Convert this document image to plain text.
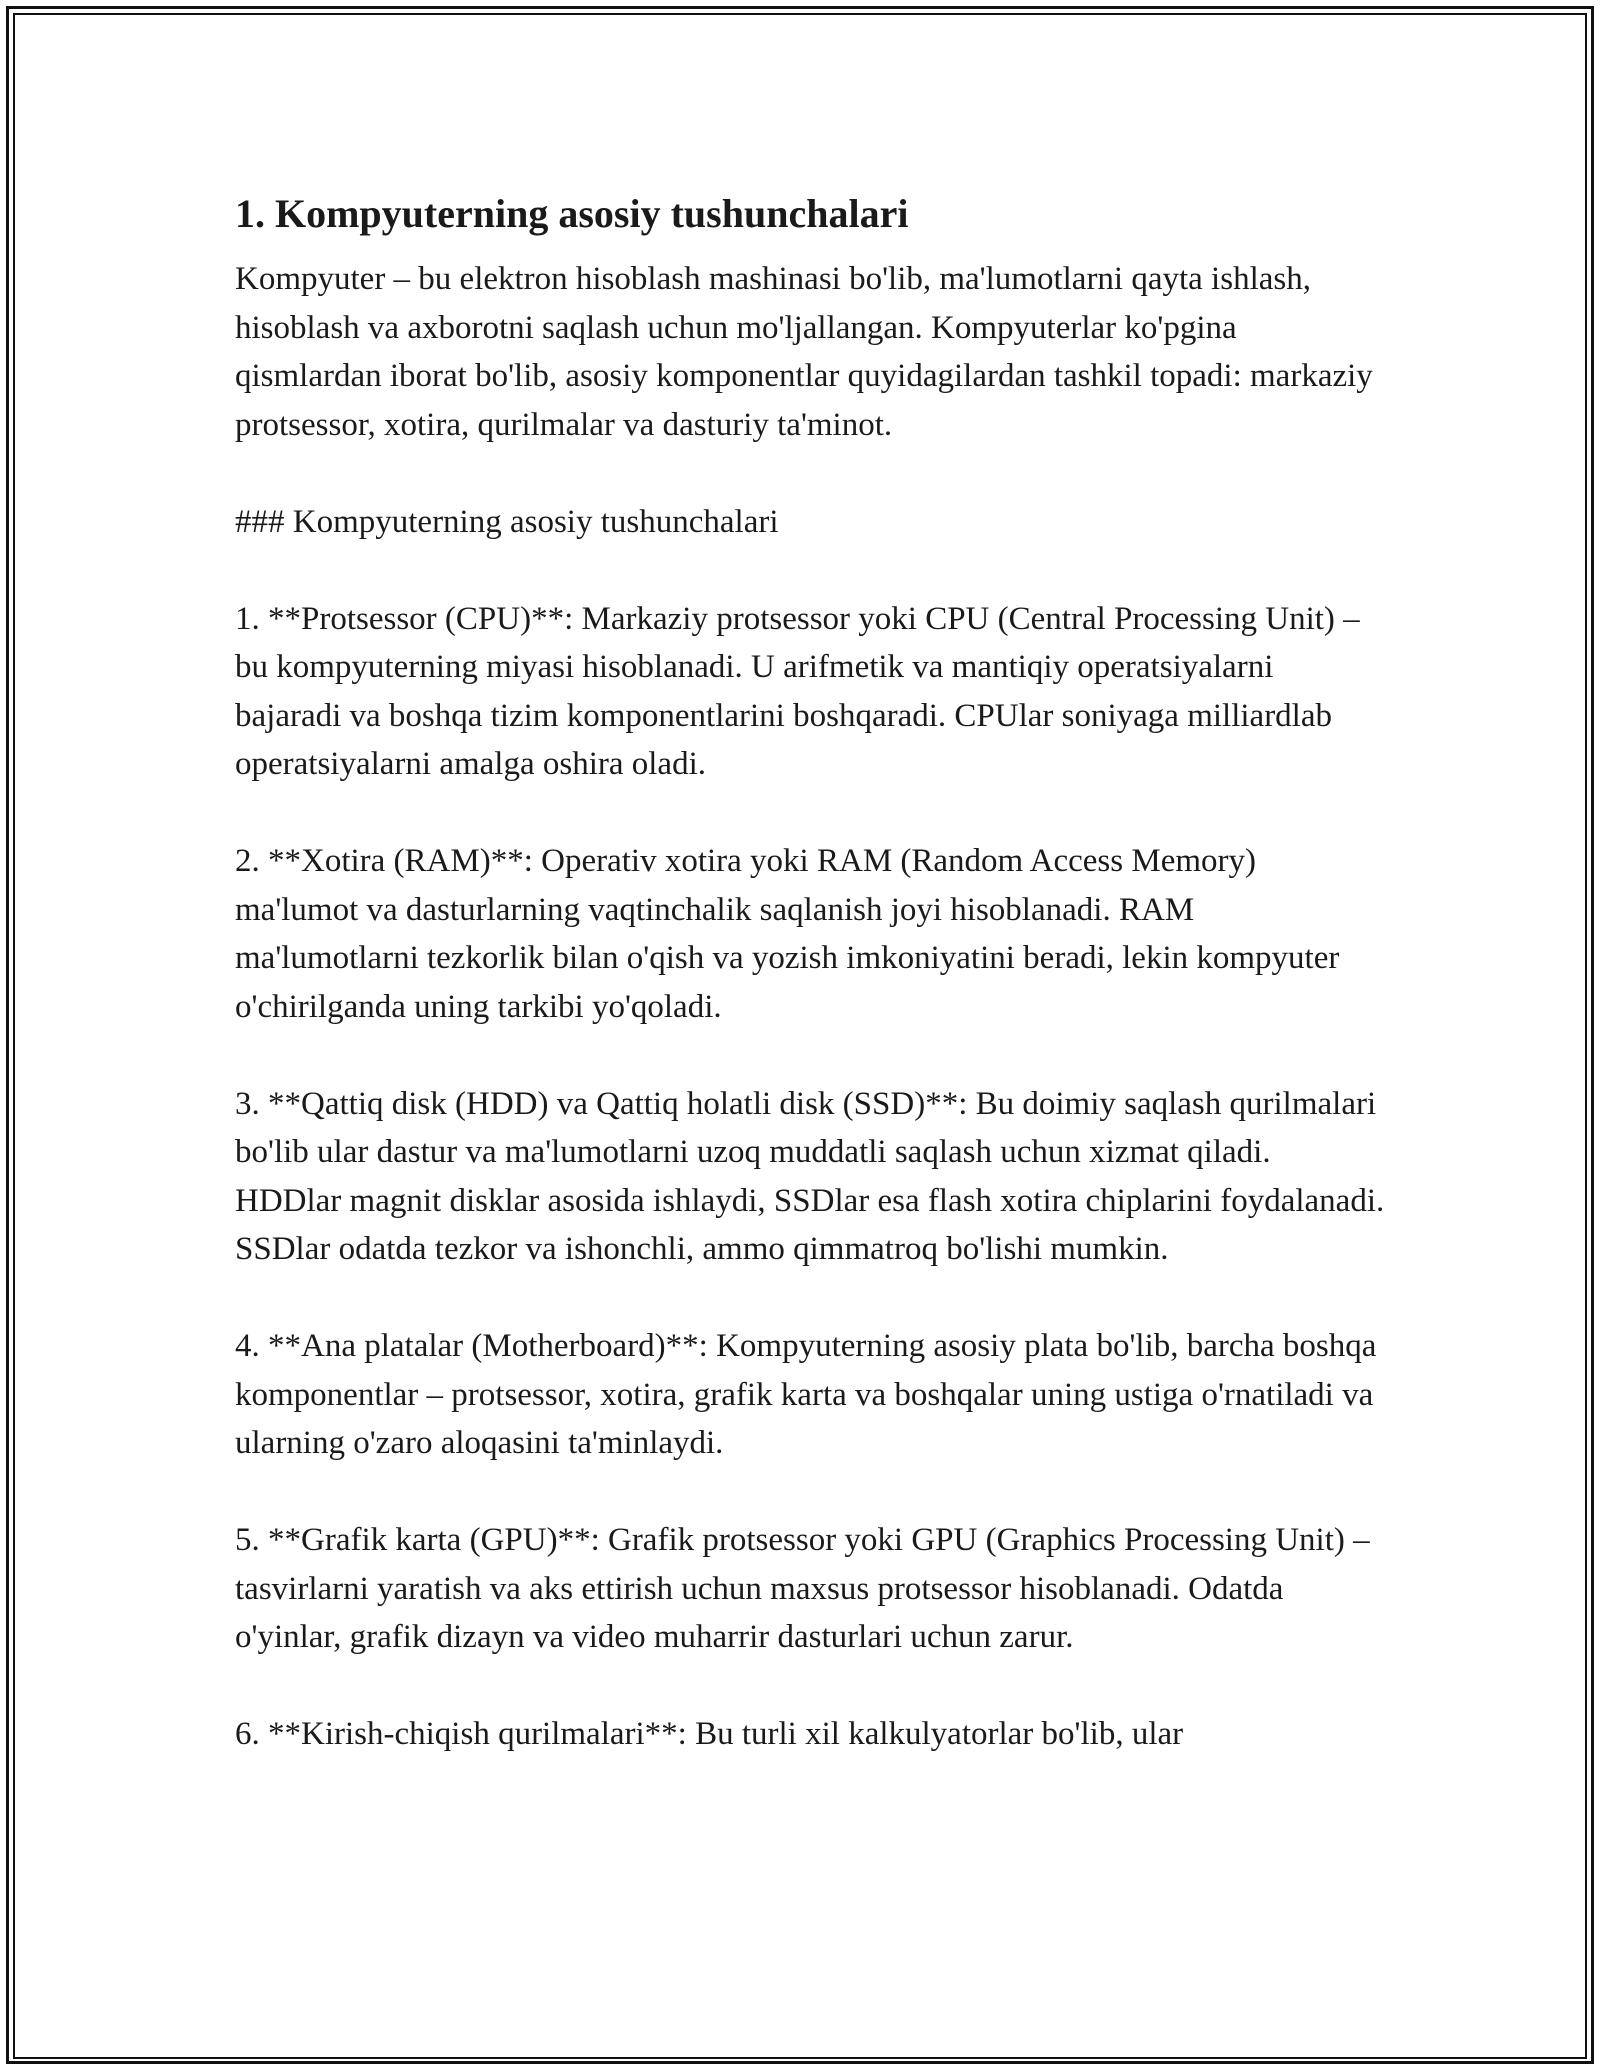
1. Kompyuterning asosiy tushunchalari

Kompyuter – bu elektron hisoblash mashinasi bo'lib, ma'lumotlarni qayta ishlash, hisoblash va axborotni saqlash uchun mo'ljallangan. Kompyuterlar ko'pgina qismlardan iborat bo'lib, asosiy komponentlar quyidagilardan tashkil topadi: markaziy protsessor, xotira, qurilmalar va dasturiy ta'minot.

### Kompyuterning asosiy tushunchalari

1. **Protsessor (CPU)**: Markaziy protsessor yoki CPU (Central Processing Unit) – bu kompyuterning miyasi hisoblanadi. U arifmetik va mantiqiy operatsiyalarni bajaradi va boshqa tizim komponentlarini boshqaradi. CPUlar soniyaga milliardlab operatsiyalarni amalga oshira oladi.

2. **Xotira (RAM)**: Operativ xotira yoki RAM (Random Access Memory) ma'lumot va dasturlarning vaqtinchalik saqlanish joyi hisoblanadi. RAM ma'lumotlarni tezkorlik bilan o'qish va yozish imkoniyatini beradi, lekin kompyuter o'chirilganda uning tarkibi yo'qoladi.

3. **Qattiq disk (HDD) va Qattiq holatli disk (SSD)**: Bu doimiy saqlash qurilmalari bo'lib ular dastur va ma'lumotlarni uzoq muddatli saqlash uchun xizmat qiladi. HDDlar magnit disklar asosida ishlaydi, SSDlar esa flash xotira chiplarini foydalanadi. SSDlar odatda tezkor va ishonchli, ammo qimmatroq bo'lishi mumkin.

4. **Ana platalar (Motherboard)**: Kompyuterning asosiy plata bo'lib, barcha boshqa komponentlar – protsessor, xotira, grafik karta va boshqalar uning ustiga o'rnatiladi va ularning o'zaro aloqasini ta'minlaydi.

5. **Grafik karta (GPU)**: Grafik protsessor yoki GPU (Graphics Processing Unit) – tasvirlarni yaratish va aks ettirish uchun maxsus protsessor hisoblanadi. Odatda o'yinlar, grafik dizayn va video muharrir dasturlari uchun zarur.

6. **Kirish-chiqish qurilmalari**: Bu turli xil kalkulyatorlar bo'lib, ular
